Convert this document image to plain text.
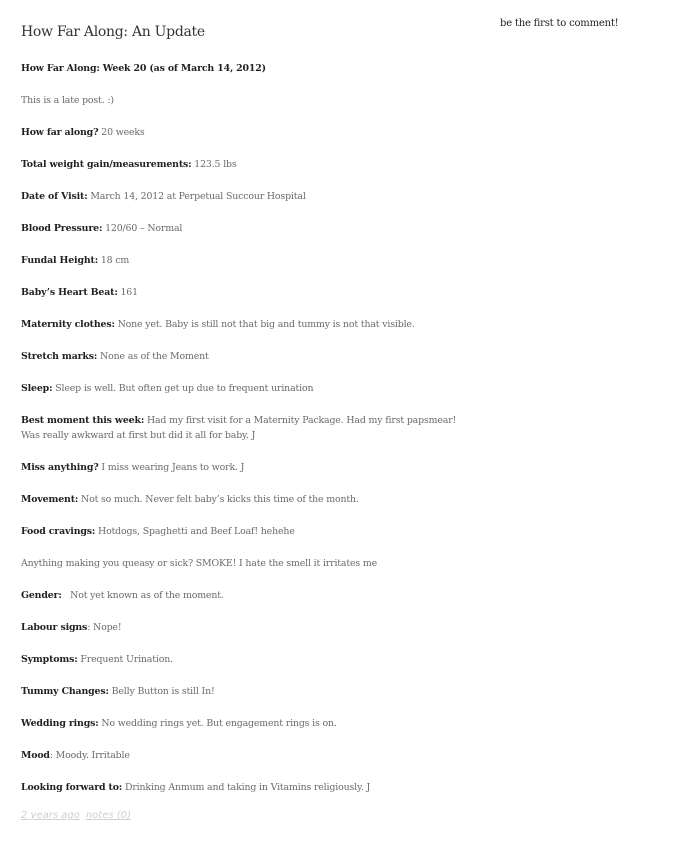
be the first to comment!
How Far Along: An Update

How Far Along: Week 20 (as of March 14, 2012)

This is a late post. :)

How far along? 20 weeks

Total weight gain/measurements: 123.5 lbs

Date of Visit: March 14, 2012 at Perpetual Succour Hospital

Blood Pressure: 120/60 – Normal

Fundal Height: 18 cm

Baby’s Heart Beat: 161

Maternity clothes: None yet. Baby is still not that big and tummy is not that visible.

Stretch marks: None as of the Moment

Sleep: Sleep is well. But often get up due to frequent urination

Best moment this week: Had my first visit for a Maternity Package. Had my first papsmear! Was really awkward at first but did it all for baby. J

Miss anything? I miss wearing Jeans to work. J

Movement: Not so much. Never felt baby’s kicks this time of the month.

Food cravings: Hotdogs, Spaghetti and Beef Loaf! hehehe

Anything making you queasy or sick? SMOKE! I hate the smell it irritates me

Gender:   Not yet known as of the moment.

Labour signs: Nope!

Symptoms: Frequent Urination.

Tummy Changes: Belly Button is still In!

Wedding rings: No wedding rings yet. But engagement rings is on.

Mood: Moody. Irritable

Looking forward to: Drinking Anmum and taking in Vitamins religiously. J

2 years ago notes (0)
